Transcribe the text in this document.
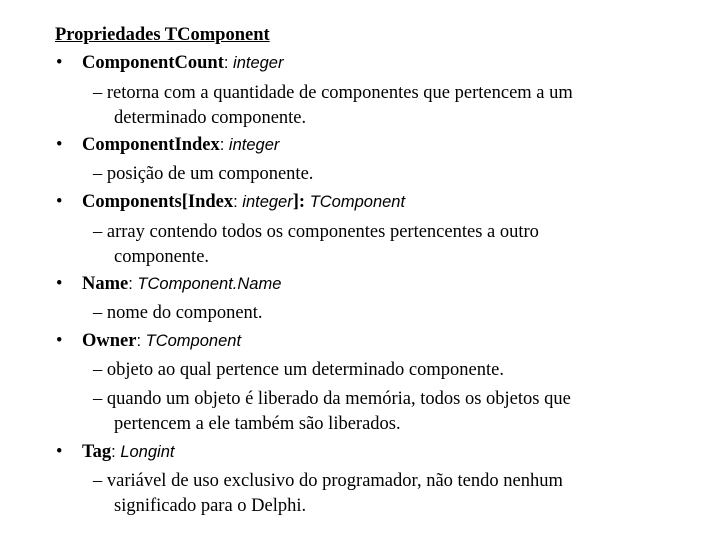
Propriedades TComponent
• ComponentCount: integer
– retorna com a quantidade de componentes que pertencem a um
determinado componente.
• ComponentIndex: integer
– posição de um componente.
• Components[Index: integer]: TComponent
– array contendo todos os componentes pertencentes a outro
componente.
• Name: TComponent.Name
– nome do component.
• Owner: TComponent
– objeto ao qual pertence um determinado componente.
– quando um objeto é liberado da memória, todos os objetos que
pertencem a ele também são liberados.
• Tag: Longint
– variável de uso exclusivo do programador, não tendo nenhum
significado para o Delphi.
